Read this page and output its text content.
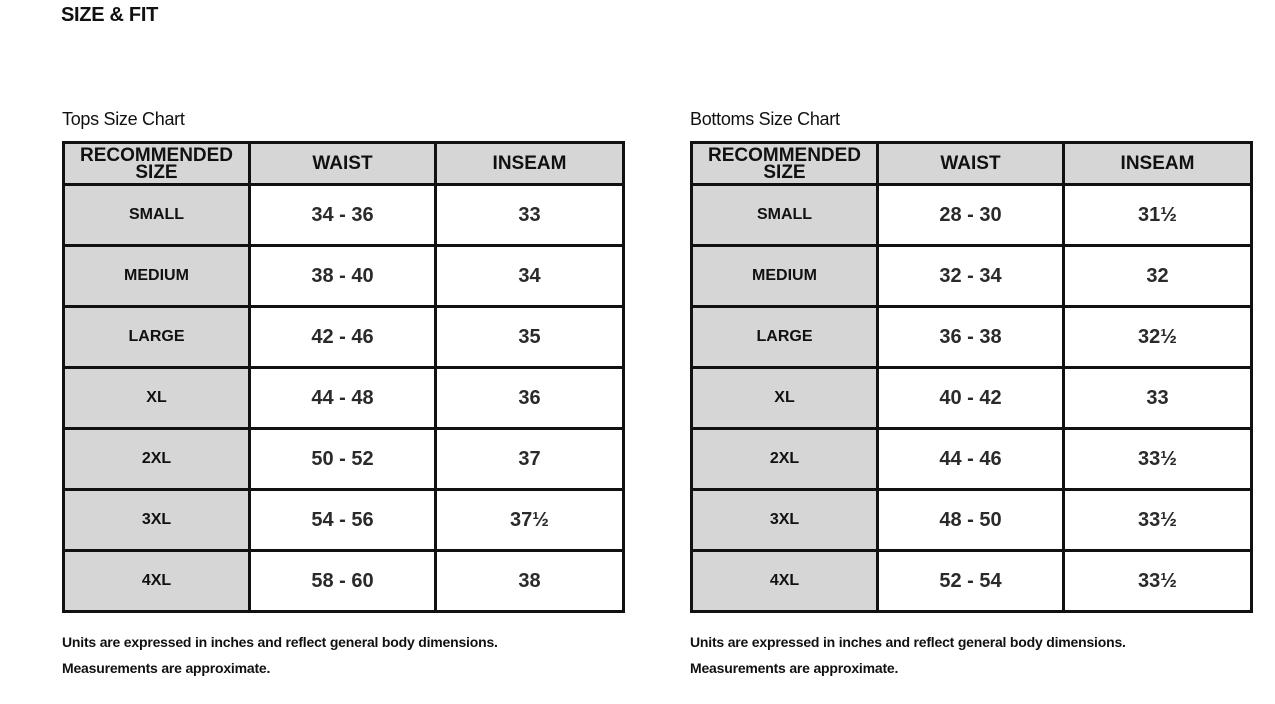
SIZE & FIT
Tops Size Chart
RECOMMENDED SIZE	WAIST	INSEAM
SMALL	34 - 36	33
MEDIUM	38 - 40	34
LARGE	42 - 46	35
XL	44 - 48	36
2XL	50 - 52	37
3XL	54 - 56	37½
4XL	58 - 60	38
Units are expressed in inches and reflect general body dimensions.
Measurements are approximate.
Bottoms Size Chart
RECOMMENDED SIZE	WAIST	INSEAM
SMALL	28 - 30	31½
MEDIUM	32 - 34	32
LARGE	36 - 38	32½
XL	40 - 42	33
2XL	44 - 46	33½
3XL	48 - 50	33½
4XL	52 - 54	33½
Units are expressed in inches and reflect general body dimensions.
Measurements are approximate.
